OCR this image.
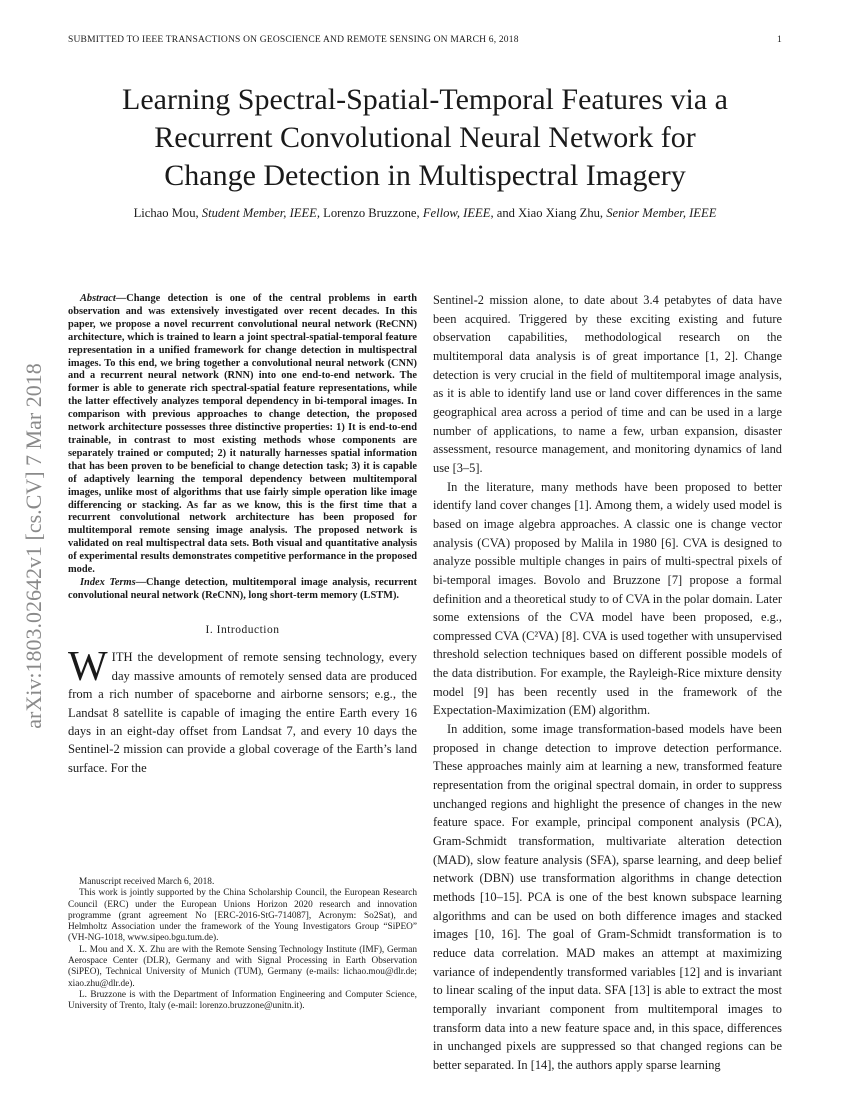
SUBMITTED TO IEEE TRANSACTIONS ON GEOSCIENCE AND REMOTE SENSING ON MARCH 6, 2018	1
arXiv:1803.02642v1 [cs.CV] 7 Mar 2018
Learning Spectral-Spatial-Temporal Features via a
Recurrent Convolutional Neural Network for
Change Detection in Multispectral Imagery
Lichao Mou, Student Member, IEEE, Lorenzo Bruzzone, Fellow, IEEE, and Xiao Xiang Zhu, Senior Member, IEEE

Abstract—Change detection is one of the central problems in earth observation and was extensively investigated over recent decades. In this paper, we propose a novel recurrent convolutional neural network (ReCNN) architecture, which is trained to learn a joint spectral-spatial-temporal feature representation in a unified framework for change detection in multispectral images. To this end, we bring together a convolutional neural network (CNN) and a recurrent neural network (RNN) into one end-to-end network. The former is able to generate rich spectral-spatial feature representations, while the latter effectively analyzes temporal dependency in bi-temporal images. In comparison with previous approaches to change detection, the proposed network architecture possesses three distinctive properties: 1) It is end-to-end trainable, in contrast to most existing methods whose components are separately trained or computed; 2) it naturally harnesses spatial information that has been proven to be beneficial to change detection task; 3) it is capable of adaptively learning the temporal dependency between multitemporal images, unlike most of algorithms that use fairly simple operation like image differencing or stacking. As far as we know, this is the first time that a recurrent convolutional network architecture has been proposed for multitemporal remote sensing image analysis. The proposed network is validated on real multispectral data sets. Both visual and quantitative analysis of experimental results demonstrates competitive performance in the proposed mode.

Index Terms—Change detection, multitemporal image analysis, recurrent convolutional neural network (ReCNN), long short-term memory (LSTM).

I. Introduction

WITH the development of remote sensing technology, every day massive amounts of remotely sensed data are produced from a rich number of spaceborne and airborne sensors; e.g., the Landsat 8 satellite is capable of imaging the entire Earth every 16 days in an eight-day offset from Landsat 7, and every 10 days the Sentinel-2 mission can provide a global coverage of the Earth’s land surface. For the

Manuscript received March 6, 2018.

This work is jointly supported by the China Scholarship Council, the European Research Council (ERC) under the European Unions Horizon 2020 research and innovation programme (grant agreement No [ERC-2016-StG-714087], Acronym: So2Sat), and Helmholtz Association under the framework of the Young Investigators Group “SiPEO” (VH-NG-1018, www.sipeo.bgu.tum.de).

L. Mou and X. X. Zhu are with the Remote Sensing Technology Institute (IMF), German Aerospace Center (DLR), Germany and with Signal Processing in Earth Observation (SiPEO), Technical University of Munich (TUM), Germany (e-mails: lichao.mou@dlr.de; xiao.zhu@dlr.de).

L. Bruzzone is with the Department of Information Engineering and Computer Science, University of Trento, Italy (e-mail: lorenzo.bruzzone@unitn.it).

Sentinel-2 mission alone, to date about 3.4 petabytes of data have been acquired. Triggered by these exciting existing and future observation capabilities, methodological research on the multitemporal data analysis is of great importance [1, 2]. Change detection is very crucial in the field of multitemporal image analysis, as it is able to identify land use or land cover differences in the same geographical area across a period of time and can be used in a large number of applications, to name a few, urban expansion, disaster assessment, resource management, and monitoring dynamics of land use [3–5].

In the literature, many methods have been proposed to better identify land cover changes [1]. Among them, a widely used model is based on image algebra approaches. A classic one is change vector analysis (CVA) proposed by Malila in 1980 [6]. CVA is designed to analyze possible multiple changes in pairs of multi-spectral pixels of bi-temporal images. Bovolo and Bruzzone [7] propose a formal definition and a theoretical study to of CVA in the polar domain. Later some extensions of the CVA model have been proposed, e.g., compressed CVA (C²VA) [8]. CVA is used together with unsupervised threshold selection techniques based on different possible models of the data distribution. For example, the Rayleigh-Rice mixture density model [9] has been recently used in the framework of the Expectation-Maximization (EM) algorithm.

In addition, some image transformation-based models have been proposed in change detection to improve detection performance. These approaches mainly aim at learning a new, transformed feature representation from the original spectral domain, in order to suppress unchanged regions and highlight the presence of changes in the new feature space. For example, principal component analysis (PCA), Gram-Schmidt transformation, multivariate alteration detection (MAD), slow feature analysis (SFA), sparse learning, and deep belief network (DBN) use transformation algorithms in change detection methods [10–15]. PCA is one of the best known subspace learning algorithms and can be used on both difference images and stacked images [10, 16]. The goal of Gram-Schmidt transformation is to reduce data correlation. MAD makes an attempt at maximizing variance of independently transformed variables [12] and is invariant to linear scaling of the input data. SFA [13] is able to extract the most temporally invariant component from multitemporal images to transform data into a new feature space and, in this space, differences in unchanged pixels are suppressed so that changed regions can be better separated. In [14], the authors apply sparse learning
